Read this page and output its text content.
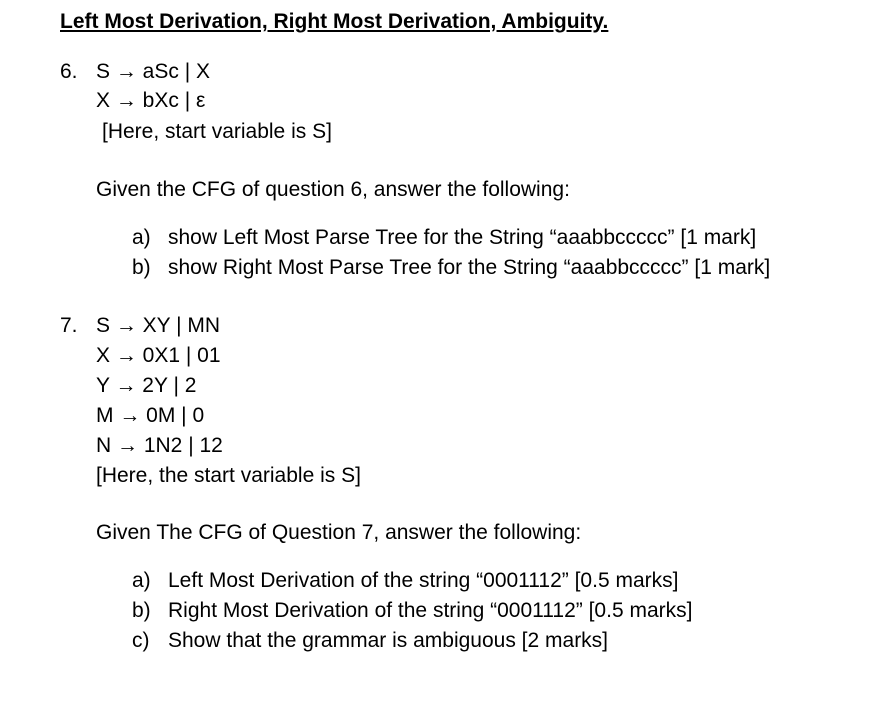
Left Most Derivation, Right Most Derivation, Ambiguity.
6. S → aSc | X
X → bXc | ε
[Here, start variable is S]
Given the CFG of question 6, answer the following:
a) show Left Most Parse Tree for the String “aaabbccccc” [1 mark]
b) show Right Most Parse Tree for the String “aaabbccccc” [1 mark]
7. S → XY | MN
X → 0X1 | 01
Y → 2Y | 2
M → 0M | 0
N → 1N2 | 12
[Here, the start variable is S]
Given The CFG of Question 7, answer the following:
a) Left Most Derivation of the string “0001112” [0.5 marks]
b) Right Most Derivation of the string “0001112” [0.5 marks]
c) Show that the grammar is ambiguous [2 marks]
